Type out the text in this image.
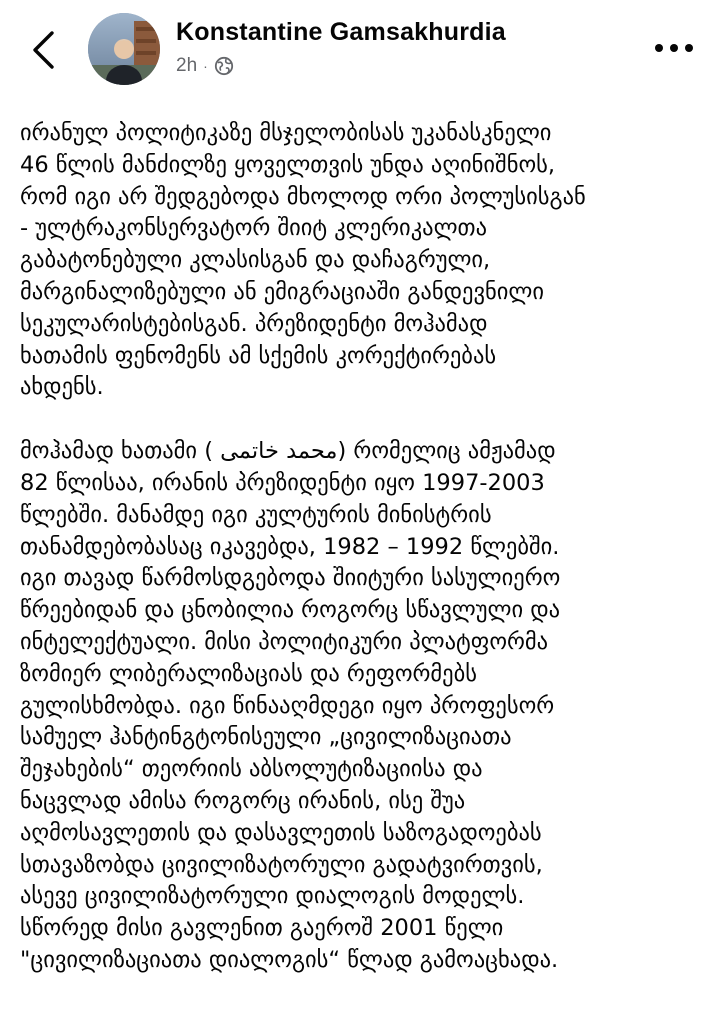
Konstantine Gamsakhurdia
2h ·

ირანულ პოლიტიკაზე მსჯელობისას უკანასკნელი
46 წლის მანძილზე ყოველთვის უნდა აღინიშნოს,
რომ იგი არ შედგებოდა მხოლოდ ორი პოლუსისგან
- ულტრაკონსერვატორ შიიტ კლერიკალთა
გაბატონებული კლასისგან და დაჩაგრული,
მარგინალიზებული ან ემიგრაციაში განდევნილი
სეკულარისტებისგან. პრეზიდენტი მოჰამად
ხათამის ფენომენს ამ სქემის კორექტირებას
ახდენს.

მოჰამად ხათამი ( محمد خاتمی) რომელიც ამჟამად
82 წლისაა, ირანის პრეზიდენტი იყო 1997-2003
წლებში. მანამდე იგი კულტურის მინისტრის
თანამდებობასაც იკავებდა, 1982 – 1992 წლებში.
იგი თავად წარმოსდგებოდა შიიტური სასულიერო
წრეებიდან და ცნობილია როგორც სწავლული და
ინტელექტუალი. მისი პოლიტიკური პლატფორმა
ზომიერ ლიბერალიზაციას და რეფორმებს
გულისხმობდა. იგი წინააღმდეგი იყო პროფესორ
სამუელ ჰანტინგტონისეული „ცივილიზაციათა
შეჯახების“ თეორიის აბსოლუტიზაციისა და
ნაცვლად ამისა როგორც ირანის, ისე შუა
აღმოსავლეთის და დასავლეთის საზოგადოებას
სთავაზობდა ცივილიზატორული გადატვირთვის,
ასევე ცივილიზატორული დიალოგის მოდელს.
სწორედ მისი გავლენით გაეროშ 2001 წელი
"ცივილიზაციათა დიალოგის“ წლად გამოაცხადა.
